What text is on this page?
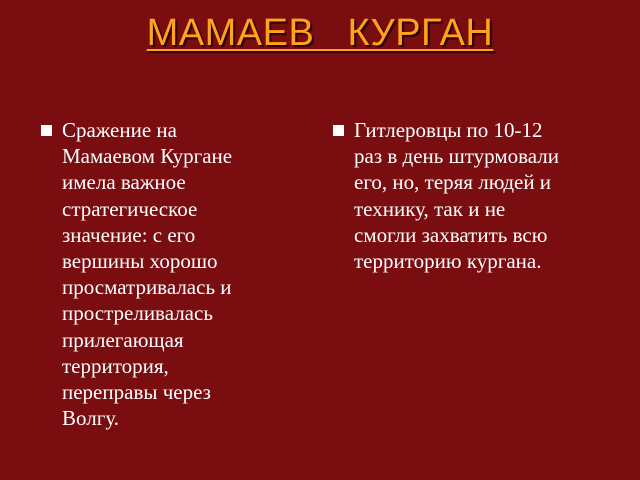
МАМАЕВ   КУРГАН
Сражение на
Мамаевом Кургане
имела важное
стратегическое
значение: с его
вершины хорошо
просматривалась и
простреливалась
прилегающая
территория,
переправы через
Волгу.
Гитлеровцы по 10-12
раз в день штурмовали
его, но, теряя людей и
технику, так и не
смогли захватить всю
территорию кургана.
